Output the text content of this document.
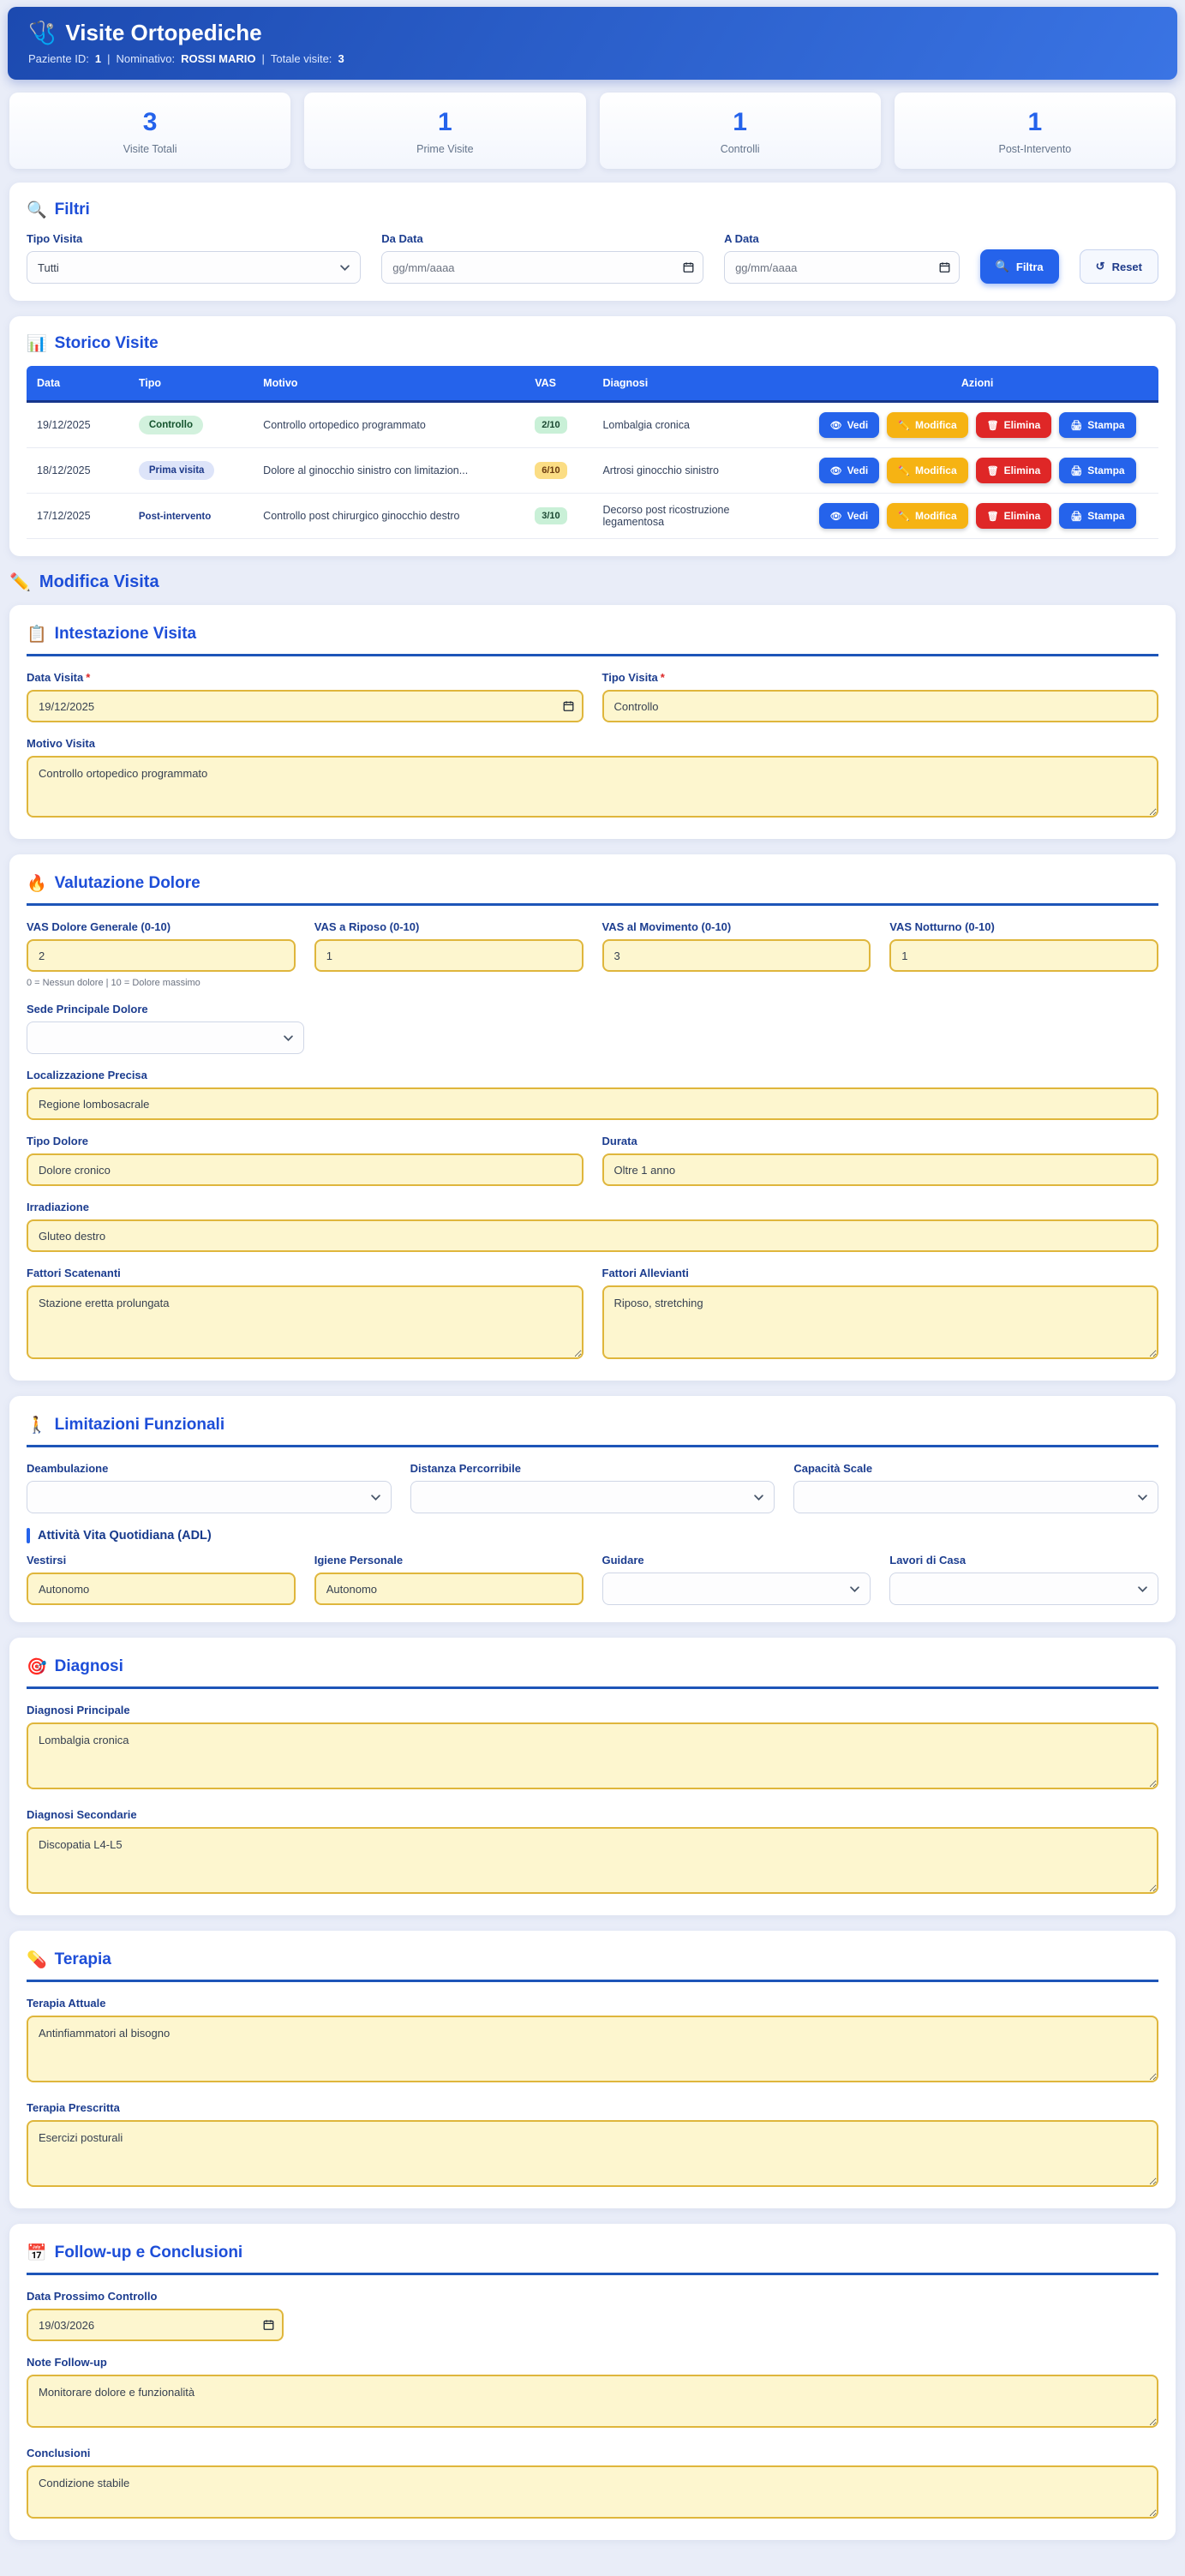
🩺 Visite Ortopediche
Paziente ID: 1 | Nominativo: ROSSI MARIO | Totale visite: 3
3
Visite Totali
1
Prime Visite
1
Controlli
1
Post-Intervento
🔍 Filtri
Tipo Visita
Tutti
Da Data
gg/mm/aaaa	A Data
gg/mm/aaaa
🔍 Filtra	↺ Reset
📊 Storico Visite
Data	Tipo	Motivo	VAS	Diagnosi	Azioni
19/12/2025	Controllo	Controllo ortopedico programmato	2/10	Lombalgia cronica	👁 Vedi	✏️ Modifica	🗑 Elimina	🖨 Stampa

18/12/2025	Prima visita	Dolore al ginocchio sinistro con limitazion...	6/10	Artrosi ginocchio sinistro	👁 Vedi	✏️ Modifica	🗑 Elimina	🖨 Stampa

17/12/2025	Post-intervento	Controllo post chirurgico ginocchio destro	3/10	Decorso post ricostruzione legamentosa	👁 Vedi	✏️ Modifica	🗑 Elimina	🖨 Stampa
✏️ Modifica Visita
📋 Intestazione Visita
Data Visita *
19/12/2025	Tipo Visita *
Controllo
Motivo Visita
Controllo ortopedico programmato
🔥 Valutazione Dolore
VAS Dolore Generale (0-10)
2
0 = Nessun dolore | 10 = Dolore massimo
VAS a Riposo (0-10)
1	VAS al Movimento (0-10)
3	VAS Notturno (0-10)
1
Sede Principale Dolore
Localizzazione Precisa
Regione lombosacrale
Tipo Dolore
Dolore cronico	Durata
Oltre 1 anno
Irradiazione
Gluteo destro
Fattori Scatenanti
Stazione eretta prolungata	Fattori Allevianti
Riposo, stretching
🚶 Limitazioni Funzionali
Deambulazione	Distanza Percorribile	Capacità Scale
Attività Vita Quotidiana (ADL)
Vestirsi
Autonomo	Igiene Personale
Autonomo	Guidare	Lavori di Casa
🎯 Diagnosi
Diagnosi Principale
Lombalgia cronica
Diagnosi Secondarie
Discopatia L4-L5
💊 Terapia
Terapia Attuale
Antinfiammatori al bisogno
Terapia Prescritta
Esercizi posturali
📅 Follow-up e Conclusioni
Data Prossimo Controllo
19/03/2026
Note Follow-up
Monitorare dolore e funzionalità
Conclusioni
Condizione stabile
